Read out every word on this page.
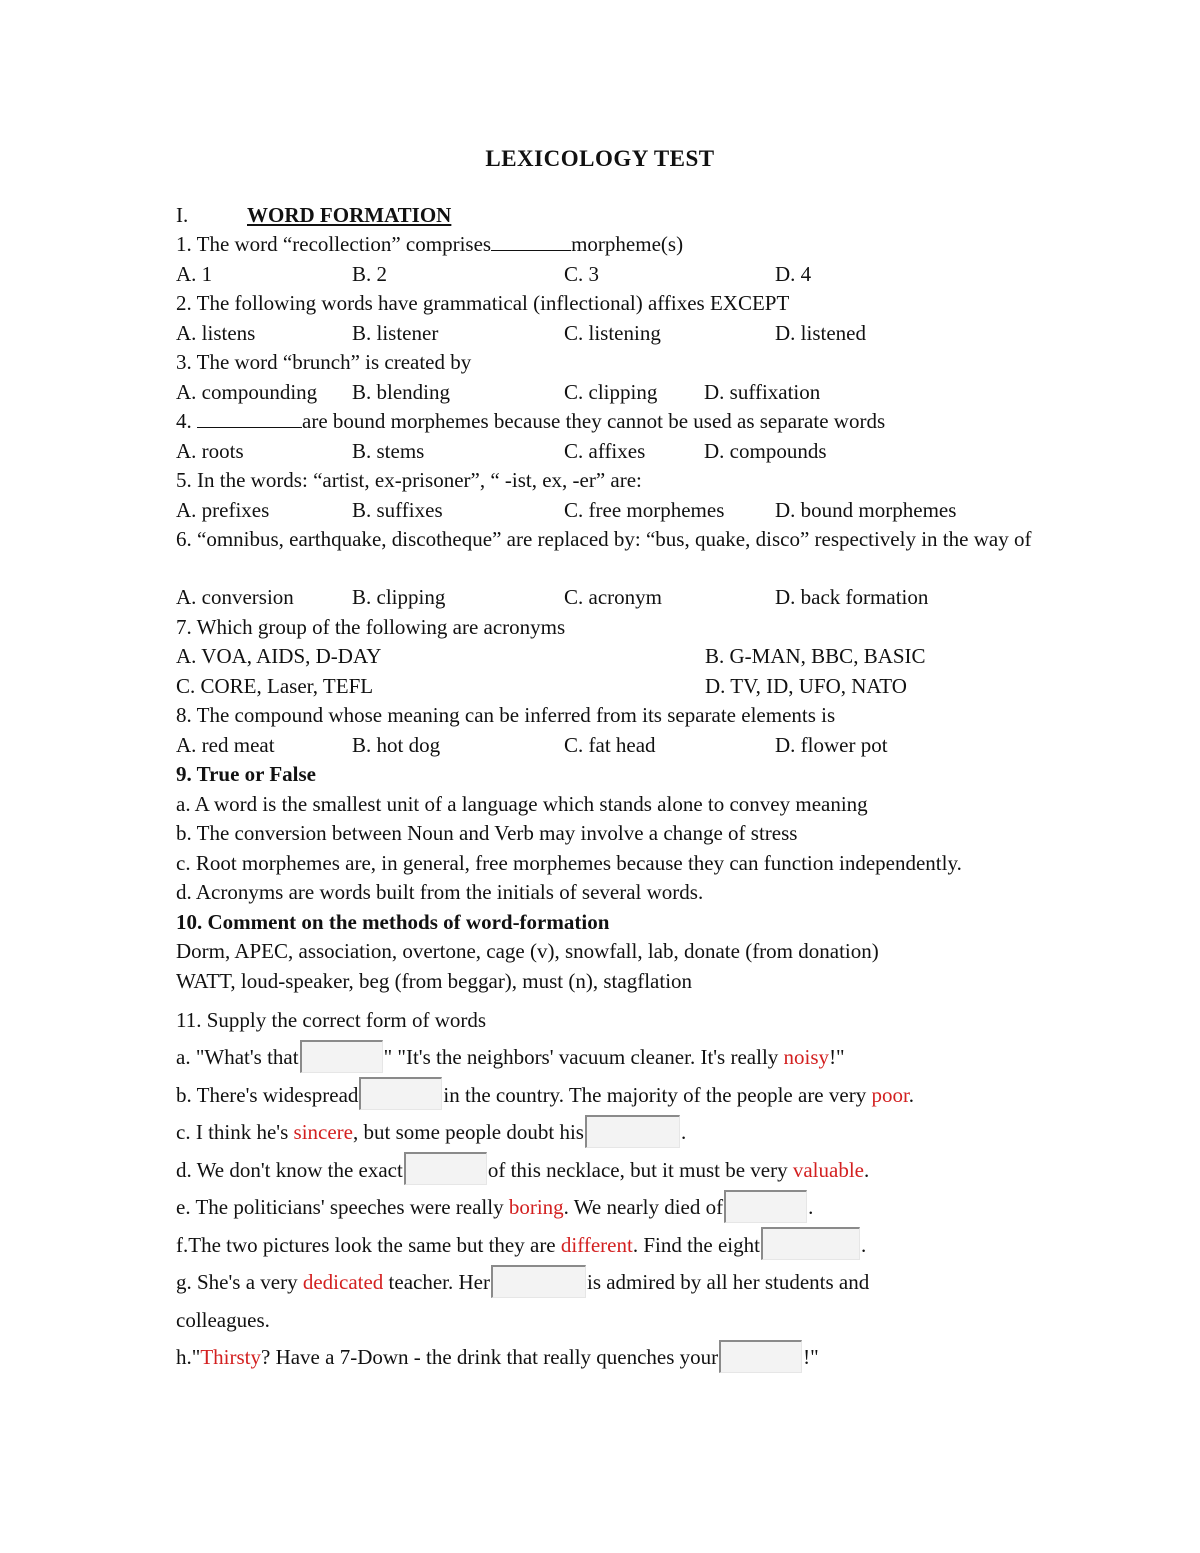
LEXICOLOGY TEST
I.	WORD FORMATION
1. The word “recollection” comprises	morpheme(s)
A. 1	B. 2	C. 3	D. 4
2. The following words have grammatical (inflectional) affixes EXCEPT
A. listens	B. listener	C. listening	D. listened
3. The word “brunch” is created by
A. compounding	B. blending	C. clipping	D. suffixation
4.	are bound morphemes because they cannot be used as separate words
A. roots	B. stems	C. affixes	D. compounds
5. In the words: “artist, ex-prisoner”, “ -ist, ex, -er” are:
A. prefixes	B. suffixes	C. free morphemes	D. bound morphemes
6. “omnibus, earthquake, discotheque” are replaced by: “bus, quake, disco” respectively in the way of
A. conversion	B. clipping	C. acronym	D. back formation
7. Which group of the following are acronyms
A. VOA, AIDS, D-DAY	B. G-MAN, BBC, BASIC
C. CORE, Laser, TEFL	D. TV, ID, UFO, NATO
8. The compound whose meaning can be inferred from its separate elements is
A. red meat	B. hot dog	C. fat head	D. flower pot
9. True or False
a. A word is the smallest unit of a language which stands alone to convey meaning
b. The conversion between Noun and Verb may involve a change of stress
c. Root morphemes are, in general, free morphemes because they can function independently.
d. Acronyms are words built from the initials of several words.
10. Comment on the methods of word-formation
Dorm, APEC, association, overtone, cage (v), snowfall, lab, donate (from donation)
WATT, loud-speaker, beg (from beggar), must (n), stagflation
11. Supply the correct form of words
a. "What's that	" "It's the neighbors' vacuum cleaner. It's really noisy!"
b. There's widespread	in the country. The majority of the people are very poor.
c. I think he's sincere, but some people doubt his	.
d. We don't know the exact	of this necklace, but it must be very valuable.
e. The politicians' speeches were really boring. We nearly died of	.
f.The two pictures look the same but they are different. Find the eight	.
g. She's a very dedicated teacher. Her	is admired by all her students and
colleagues.
h."Thirsty? Have a 7-Down - the drink that really quenches your	!"
